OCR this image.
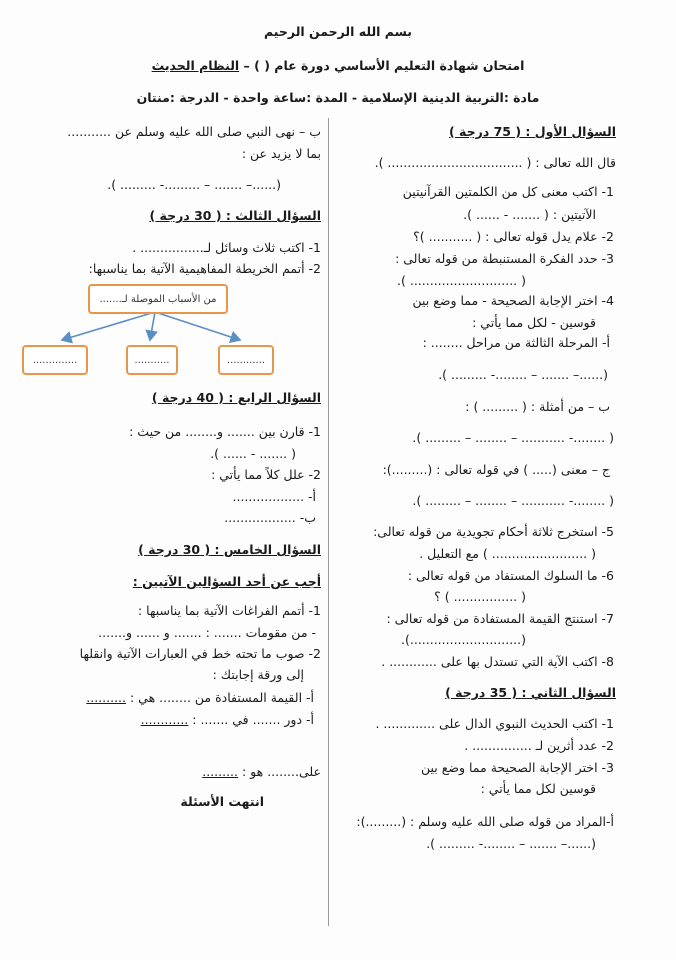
بسم الله الرحمن الرحيم
امتحان شهادة التعليم الأساسي دورة عام ( ) – النظام الحديث
مادة :التربية الدينية الإسلامية - المدة :ساعة واحدة - الدرجة :منتان
السؤال الأول : ( 75 درجة )
قال الله تعالى : ( .................................. ).
1- اكتب معنى كل من الكلمتين القرآنيتين
الآتيتين : ( ....... - ...... ).
2- علام يدل قوله تعالى : ( ........... )؟
3- حدد الفكرة المستنبطة من قوله تعالى :
( ........................... ).
4- اختر الإجابة الصحيحة - مما وضع بين
قوسين - لكل مما يأتي :
أ- المرحلة الثالثة من مراحل ........ :
(......– ....... – ........- ......... ).
ب – من أمثلة : ( ......... ) :
( ........- ........... – ........ – ......... ).
ج – معنى (..... ) في قوله تعالى : (.........):
( ........- ........... – ........ – ......... ).
5- استخرج ثلاثة أحكام تجويدية من قوله تعالى:
( ........................ ) مع التعليل .
6- ما السلوك المستفاد من قوله تعالى :
( ................ ) ؟
7- استنتج القيمة المستفادة من قوله تعالى :
(............................).
8- اكتب الآية التي تستدل بها على ............ .
السؤال الثاني : ( 35 درجة )
1- اكتب الحديث النبوي الدال على ............. .
2- عدد أثرين لـ ............... .
3- اختر الإجابة الصحيحة مما وضع بين
قوسين لكل مما يأتي :
أ-المراد من قوله صلى الله عليه وسلم : (.........):
(......– ....... – ........- ......... ).
ب – نهى النبي صلى الله عليه وسلم عن ...........
بما لا يزيد عن :
(......– ....... – .........- ......... ).
السؤال الثالث : ( 30 درجة )
1- اكتب ثلاث وسائل لـ................ .
2- أتمم الخريطة المفاهيمية الآتية بما يناسبها:
من الأسباب الموصلة لـ.......
..............	...........	............
السؤال الرابع : ( 40 درجة )
1- قارن بين ....... و........ من حيث :
( ....... - ...... ).
2- علل كلاً مما يأتي :
أ- ..................
ب- ..................
السؤال الخامس : ( 30 درجة )
أجب عن أحد السؤالين الآتيين :
1- أتمم الفراغات الآتية بما يناسبها :
- من مقومات ....... : ....... و ...... و.......
2- صوب ما تحته خط في العبارات الآتية وانقلها
إلى ورقة إجابتك :
أ- القيمة المستفادة من ........ هي : ..........
أ- دور ....... في ....... : ............
على........ هو : .........
انتهت الأسئلة
